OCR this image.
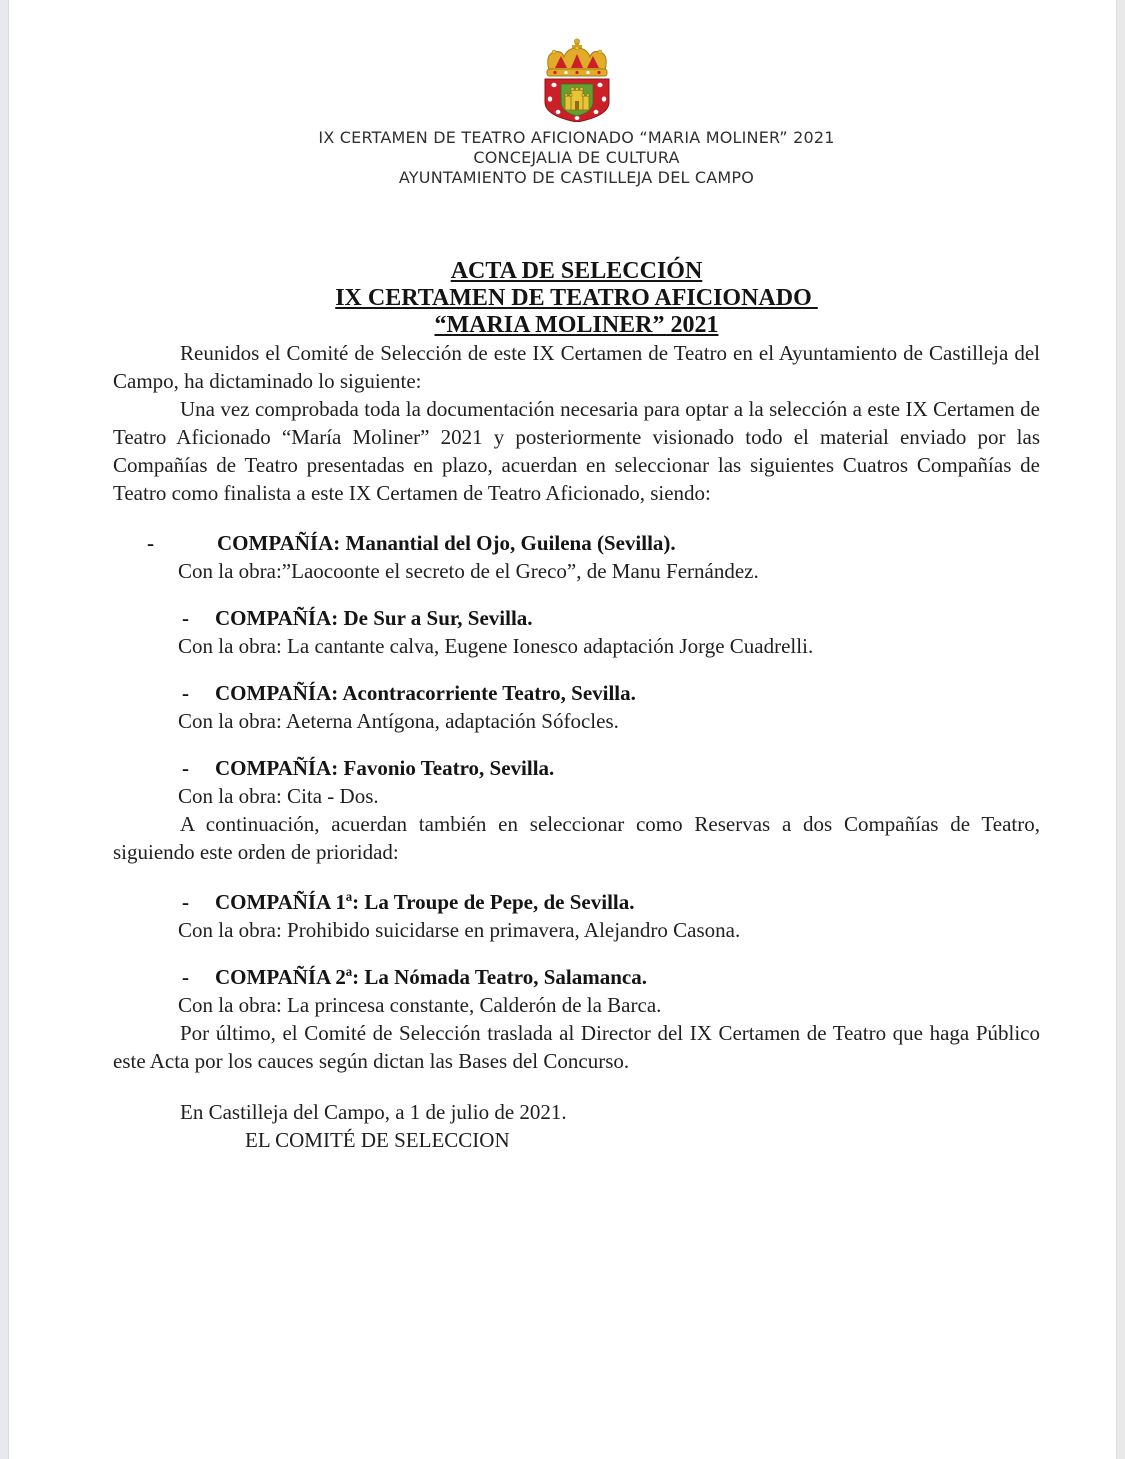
IX CERTAMEN DE TEATRO AFICIONADO “MARIA MOLINER” 2021
CONCEJALIA DE CULTURA
AYUNTAMIENTO DE CASTILLEJA DEL CAMPO
ACTA DE SELECCIÓN
IX CERTAMEN DE TEATRO AFICIONADO
“MARIA MOLINER” 2021

Reunidos el Comité de Selección de este IX Certamen de Teatro en el Ayuntamiento de Castilleja del Campo, ha dictaminado lo siguiente:

Una vez comprobada toda la documentación necesaria para optar a la selección a este IX Certamen de Teatro Aficionado “María Moliner” 2021 y posteriormente visionado todo el material enviado por las Compañías de Teatro presentadas en plazo, acuerdan en seleccionar las siguientes Cuatros Compañías de Teatro como finalista a este IX Certamen de Teatro Aficionado, siendo:

-	COMPAÑÍA: Manantial del Ojo, Guilena (Sevilla).
Con la obra:”Laocoonte el secreto de el Greco”, de Manu Fernández.
- COMPAÑÍA: De Sur a Sur, Sevilla.
Con la obra: La cantante calva, Eugene Ionesco adaptación Jorge Cuadrelli.
- COMPAÑÍA: Acontracorriente Teatro, Sevilla.
Con la obra: Aeterna Antígona, adaptación Sófocles.
- COMPAÑÍA: Favonio Teatro, Sevilla.
Con la obra: Cita - Dos.

A continuación, acuerdan también en seleccionar como Reservas a dos Compañías de Teatro, siguiendo este orden de prioridad:

- COMPAÑÍA 1ª: La Troupe de Pepe, de Sevilla.
Con la obra: Prohibido suicidarse en primavera, Alejandro Casona.
- COMPAÑÍA 2ª: La Nómada Teatro, Salamanca.
Con la obra: La princesa constante, Calderón de la Barca.

Por último, el Comité de Selección traslada al Director del IX Certamen de Teatro que haga Público este Acta por los cauces según dictan las Bases del Concurso.

En Castilleja del Campo, a 1 de julio de 2021.

EL COMITÉ DE SELECCION
